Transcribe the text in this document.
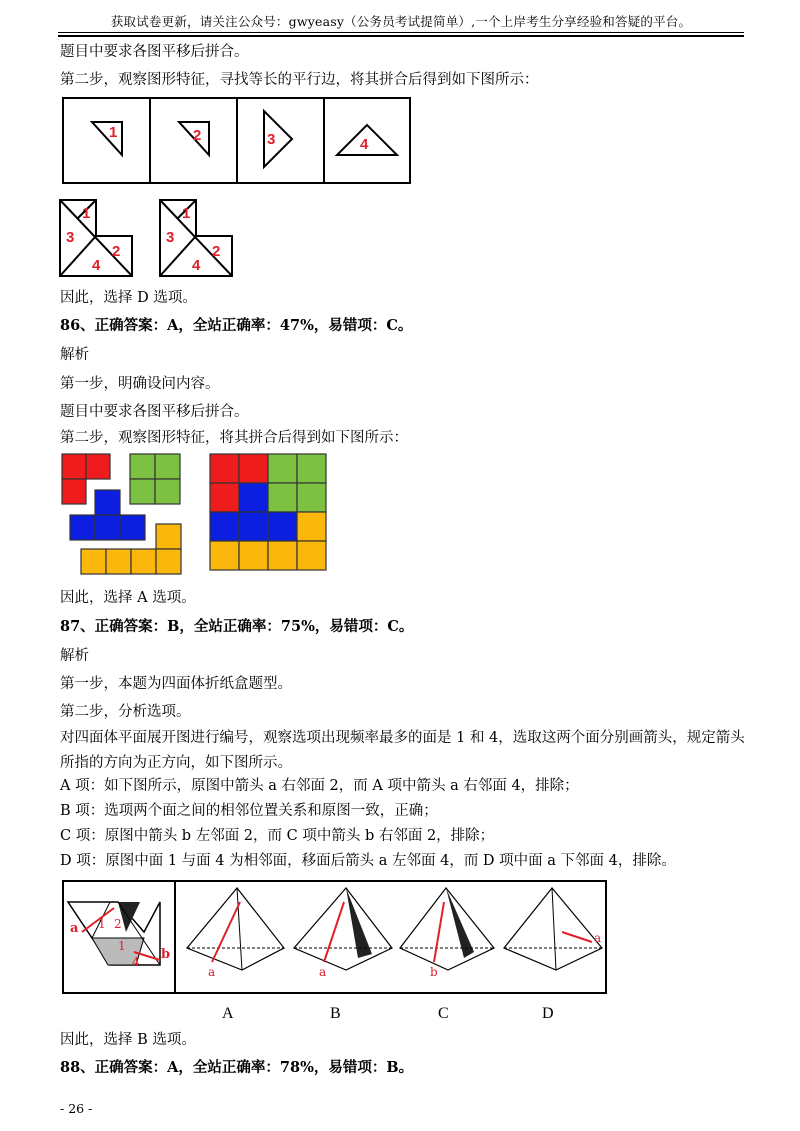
获取试卷更新，请关注公众号：gwyeasy（公务员考试提简单）,一个上岸考生分享经验和答疑的平台。
题目中要求各图平移后拼合。
第二步，观察图形特征，寻找等长的平行边，将其拼合后得到如下图所示：
1	2	3	4
1
2
3
4
1
2
3
4
因此，选择 D 选项。
86、正确答案：A，全站正确率：47%，易错项：C。
解析
第一步，明确设问内容。
题目中要求各图平移后拼合。
第二步，观察图形特征，将其拼合后得到如下图所示：
因此，选择 A 选项。
87、正确答案：B，全站正确率：75%，易错项：C。
解析
第一步，本题为四面体折纸盒题型。
第二步，分析选项。
对四面体平面展开图进行编号，观察选项出现频率最多的面是 1 和 4，选取这两个面分别画箭头，规定箭头所指的方向为正方向，如下图所示。
A 项：如下图所示，原图中箭头 a 右邻面 2，而 A 项中箭头 a 右邻面 4，排除；
B 项：选项两个面之间的相邻位置关系和原图一致，正确；
C 项：原图中箭头 b 左邻面 2，而 C 项中箭头 b 右邻面 2，排除；
D 项：原图中面 1 与面 4 为相邻面，移面后箭头 a 左邻面 4，而 D 项中面 a 下邻面 4，排除。
a
b
1 2
1
4
a	a	b
a
A	B	C	D
因此，选择 B 选项。
88、正确答案：A，全站正确率：78%，易错项：B。
- 26 -
